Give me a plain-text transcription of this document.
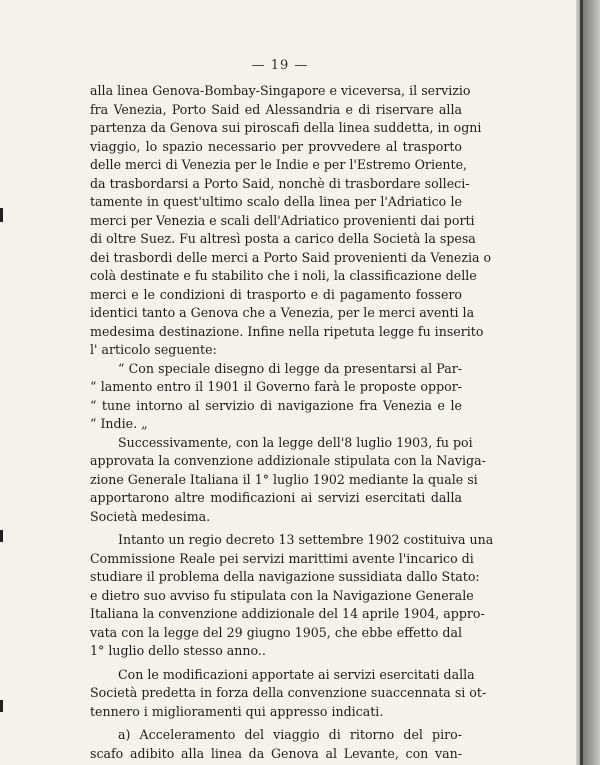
— 19 —
alla linea Genova-Bombay-Singapore e viceversa, il servizio
fra Venezia, Porto Said ed Alessandria e di riservare alla
partenza da Genova sui piroscafi della linea suddetta, in ogni
viaggio, lo spazio necessario per provvedere al trasporto
delle merci di Venezia per le Indie e per l'Estremo Oriente,
da trasbordarsi a Porto Said, nonchè di trasbordare solleci-
tamente in quest'ultimo scalo della linea per l'Adriatico le
merci per Venezia e scali dell'Adriatico provenienti dai porti
di oltre Suez. Fu altresì posta a carico della Società la spesa
dei trasbordi delle merci a Porto Said provenienti da Venezia o
colà destinate e fu stabilito che i noli, la classificazione delle
merci e le condizioni di trasporto e di pagamento fossero
identici tanto a Genova che a Venezia, per le merci aventi la
medesima destinazione. Infine nella ripetuta legge fu inserito
l' articolo seguente:
“ Con speciale disegno di legge da presentarsi al Par-
“ lamento entro il 1901 il Governo farà le proposte oppor-
“ tune intorno al servizio di navigazione fra Venezia e le
“ Indie. „
Successivamente, con la legge dell'8 luglio 1903, fu poi
approvata la convenzione addizionale stipulata con la Naviga-
zione Generale Italiana il 1° luglio 1902 mediante la quale si
apportarono altre modificazioni ai servizi esercitati dalla
Società medesima.
Intanto un regio decreto 13 settembre 1902 costituiva una
Commissione Reale pei servizi marittimi avente l'incarico di
studiare il problema della navigazione sussidiata dallo Stato:
e dietro suo avviso fu stipulata con la Navigazione Generale
Italiana la convenzione addizionale del 14 aprile 1904, appro-
vata con la legge del 29 giugno 1905, che ebbe effetto dal
1° luglio dello stesso anno..
Con le modificazioni apportate ai servizi esercitati dalla
Società predetta in forza della convenzione suaccennata si ot-
tennero i miglioramenti qui appresso indicati.
a) Acceleramento del viaggio di ritorno del piro-
scafo adibito alla linea da Genova al Levante, con van-
